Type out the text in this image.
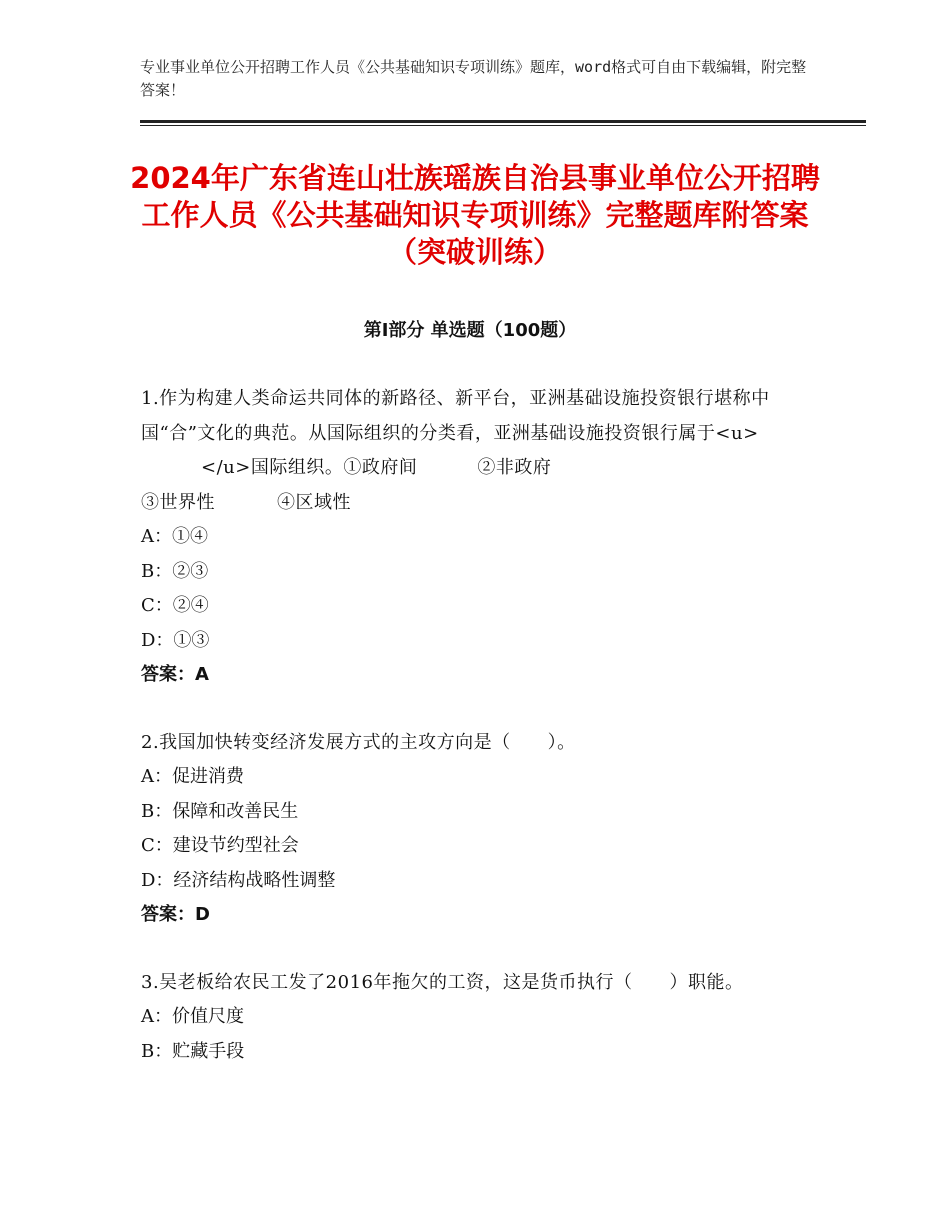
专业事业单位公开招聘工作人员《公共基础知识专项训练》题库，word格式可自由下载编辑，附完整答案！
2024年广东省连山壮族瑶族自治县事业单位公开招聘工作人员《公共基础知识专项训练》完整题库附答案（突破训练）
第Ⅰ部分 单选题（100题）

1.作为构建人类命运共同体的新路径、新平台，亚洲基础设施投资银行堪称中国“合”文化的典范。从国际组织的分类看，亚洲基础设施投资银行属于<u></u>国际组织。①政府间	②非政府
③世界性	④区域性

A：①④

B：②③

C：②④

D：①③

答案：A

2.我国加快转变经济发展方式的主攻方向是（　　）。

A：促进消费

B：保障和改善民生

C：建设节约型社会

D：经济结构战略性调整

答案：D

3.吴老板给农民工发了2016年拖欠的工资，这是货币执行（　　）职能。

A：价值尺度

B：贮藏手段
